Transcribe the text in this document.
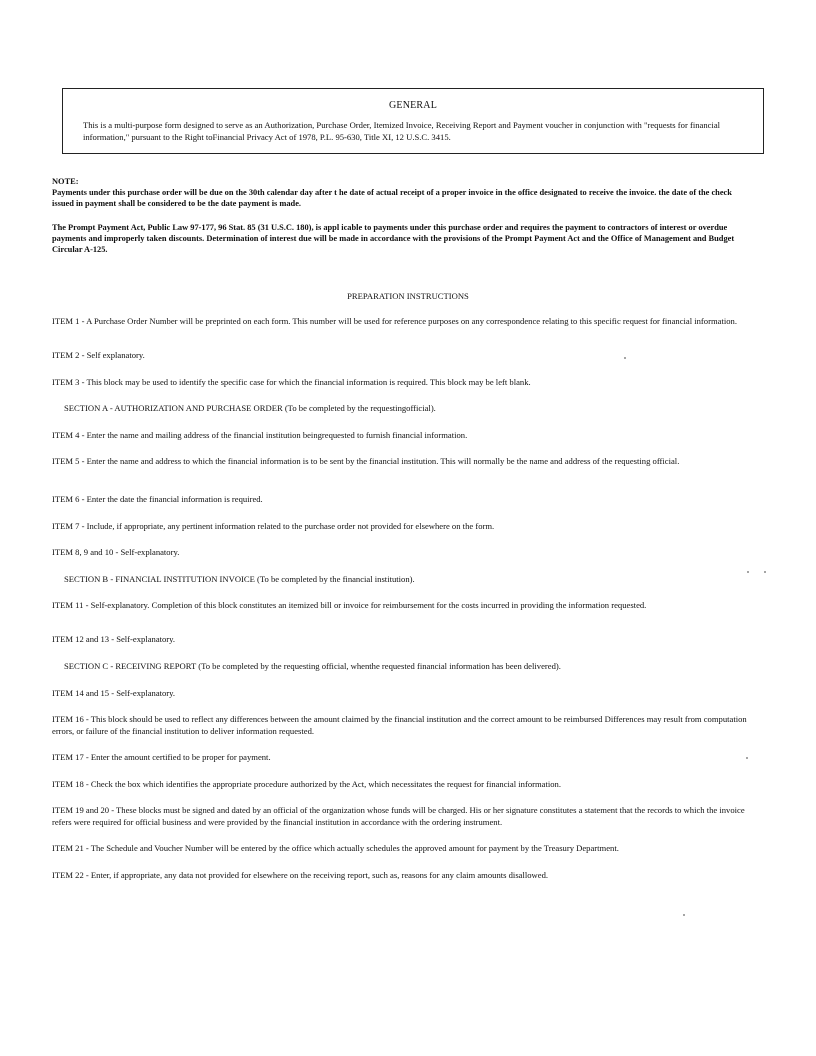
GENERAL
This is a multi-purpose form designed to serve as an Authorization, Purchase Order, Itemized Invoice, Receiving Report and Payment voucher in conjunction with "requests for financial information," pursuant to the Right toFinancial Privacy Act of 1978, P.L. 95-630, Title XI, 12 U.S.C. 3415.
NOTE:
Payments under this purchase order will be due on the 30th calendar day after t he date of actual receipt of a proper invoice in the office designated to receive the invoice. the date of the check issued in payment shall be considered to be the date payment is made.
The Prompt Payment Act, Public Law 97-177, 96 Stat. 85 (31 U.S.C. 180), is appl icable to payments under this purchase order and requires the payment to contractors of interest or overdue payments and improperly taken discounts. Determination of interest due will be made in accordance with the provisions of the Prompt Payment Act and the Office of Management and Budget Circular A-125.
PREPARATION INSTRUCTIONS
ITEM 1 - A Purchase Order Number will be preprinted on each form. This number will be used for reference purposes on any correspondence relating to this specific request for financial information.
ITEM 2 - Self explanatory.
ITEM 3 - This block may be used to identify the specific case for which the financial information is required. This block may be left blank.
SECTION A - AUTHORIZATION AND PURCHASE ORDER (To be completed by the requestingofficial).
ITEM 4 - Enter the name and mailing address of the financial institution beingrequested to furnish financial information.
ITEM 5 - Enter the name and address to which the financial information is to be sent by the financial institution. This will normally be the name and address of the requesting official.
ITEM 6 - Enter the date the financial information is required.
ITEM 7 - Include, if appropriate, any pertinent information related to the purchase order not provided for elsewhere on the form.
ITEM 8, 9 and 10 - Self-explanatory.
SECTION B - FINANCIAL INSTITUTION INVOICE (To be completed by the financial institution).
ITEM 11 - Self-explanatory. Completion of this block constitutes an itemized bill or invoice for reimbursement for the costs incurred in providing the information requested.
ITEM 12 and 13 - Self-explanatory.
SECTION C - RECEIVING REPORT (To be completed by the requesting official, whenthe requested financial information has been delivered).
ITEM 14 and 15 - Self-explanatory.
ITEM 16 - This block should be used to reflect any differences between the amount claimed by the financial institution and the correct amount to be reimbursed Differences may result from computation errors, or failure of the financial institution to deliver information requested.
ITEM 17 - Enter the amount certified to be proper for payment.
ITEM 18 - Check the box which identifies the appropriate procedure authorized by the Act, which necessitates the request for financial information.
ITEM 19 and 20 - These blocks must be signed and dated by an official of the organization whose funds will be charged. His or her signature constitutes a statement that the records to which the invoice refers were required for official business and were provided by the financial institution in accordance with the ordering instrument.
ITEM 21 - The Schedule and Voucher Number will be entered by the office which actually schedules the approved amount for payment by the Treasury Department.
ITEM 22 - Enter, if appropriate, any data not provided for elsewhere on the receiving report, such as, reasons for any claim amounts disallowed.
